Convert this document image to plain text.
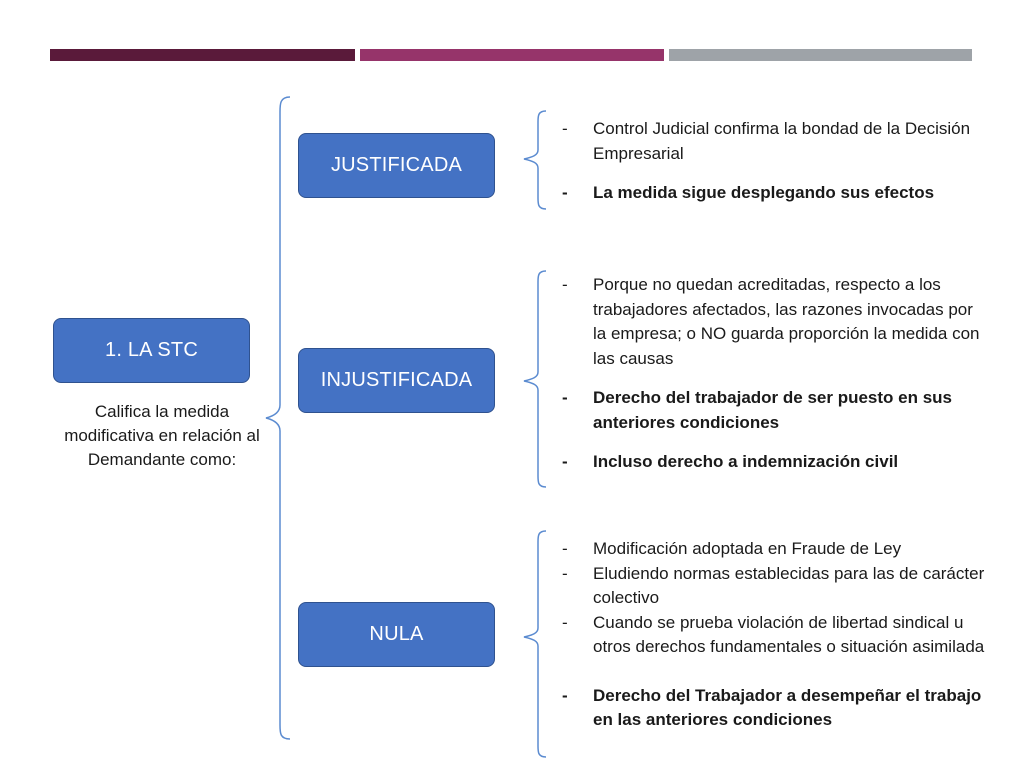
1. LA STC
Califica la medida modificativa en relación al Demandante como:
JUSTIFICADA
INJUSTIFICADA
NULA
- Control Judicial confirma la bondad de la Decisión Empresarial
- La medida sigue desplegando sus efectos
- Porque no quedan acreditadas, respecto a los trabajadores afectados, las razones invocadas por la empresa; o NO guarda proporción la medida con las causas
- Derecho del trabajador de ser puesto en sus anteriores condiciones
- Incluso derecho a indemnización civil
- Modificación adoptada en Fraude de Ley
- Eludiendo normas establecidas para las de carácter colectivo
- Cuando se prueba violación de libertad sindical u otros derechos fundamentales o situación asimilada
- Derecho del Trabajador a desempeñar el trabajo en las anteriores condiciones
